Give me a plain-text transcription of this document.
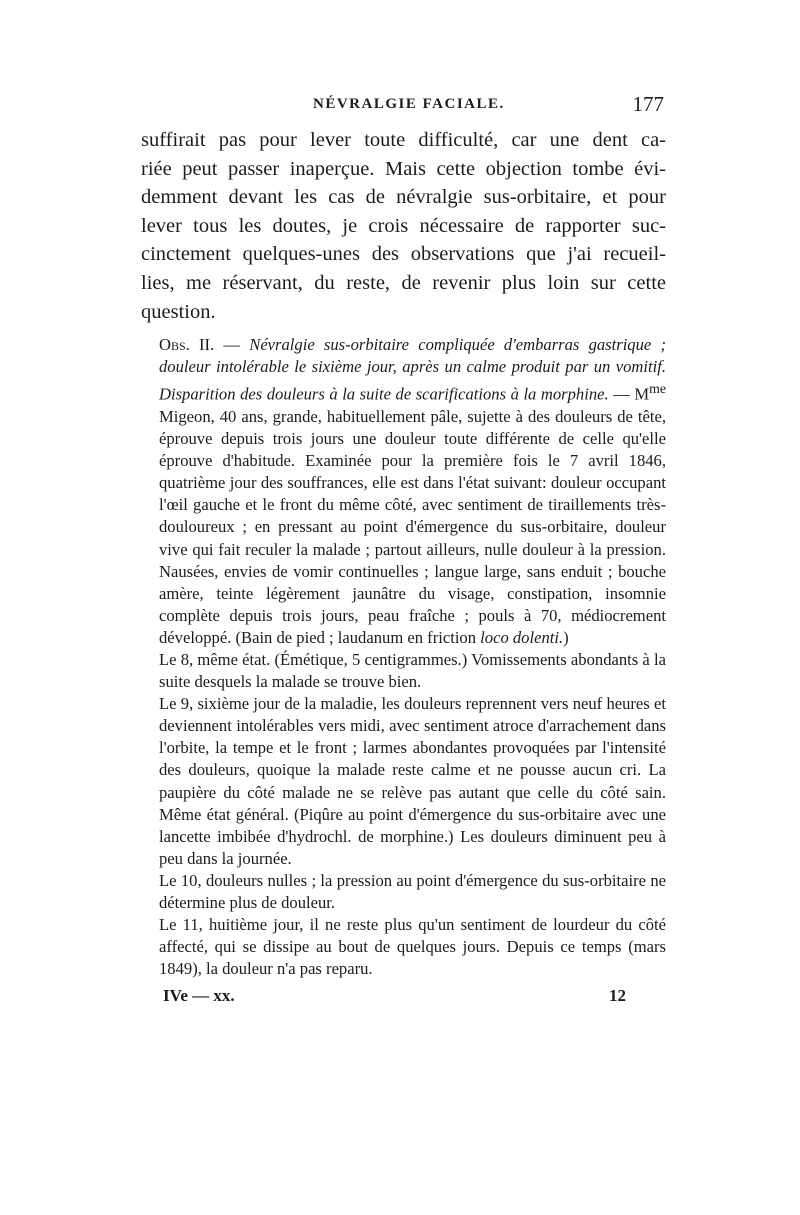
NÉVRALGIE FACIALE.	177

suffirait pas pour lever toute difficulté, car une dent ca-
riée peut passer inaperçue. Mais cette objection tombe évi-
demment devant les cas de névralgie sus-orbitaire, et pour
lever tous les doutes, je crois nécessaire de rapporter suc-
cinctement quelques-unes des observations que j'ai recueil-
lies, me réservant, du reste, de revenir plus loin sur cette
question.

Obs. II. — Névralgie sus-orbitaire compliquée d'embarras gastrique ; douleur intolérable le sixième jour, après un calme produit par un vomitif. Disparition des douleurs à la suite de scarifications à la morphine. — $M^{me}$ Migeon, 40 ans, grande, habituellement pâle, sujette à des douleurs de tête, éprouve depuis trois jours une douleur toute différente de celle qu'elle éprouve d'habitude. Examinée pour la première fois le 7 avril 1846, quatrième jour des souffrances, elle est dans l'état suivant: douleur occupant l'œil gauche et le front du même côté, avec sentiment de tiraillements très-douloureux ; en pressant au point d'émergence du sus-orbitaire, douleur vive qui fait reculer la malade ; partout ailleurs, nulle douleur à la pression. Nausées, envies de vomir continuelles ; langue large, sans enduit ; bouche amère, teinte légèrement jaunâtre du visage, constipation, insomnie complète depuis trois jours, peau fraîche ; pouls à 70, médiocrement développé. (Bain de pied ; laudanum en friction loco dolenti.)

Le 8, même état. (Émétique, 5 centigrammes.) Vomissements abondants à la suite desquels la malade se trouve bien.

Le 9, sixième jour de la maladie, les douleurs reprennent vers neuf heures et deviennent intolérables vers midi, avec sentiment atroce d'arrachement dans l'orbite, la tempe et le front ; larmes abondantes provoquées par l'intensité des douleurs, quoique la malade reste calme et ne pousse aucun cri. La paupière du côté malade ne se relève pas autant que celle du côté sain. Même état général. (Piqûre au point d'émergence du sus-orbitaire avec une lancette imbibée d'hydrochl. de morphine.) Les douleurs diminuent peu à peu dans la journée.

Le 10, douleurs nulles ; la pression au point d'émergence du sus-orbitaire ne détermine plus de douleur.

Le 11, huitième jour, il ne reste plus qu'un sentiment de lourdeur du côté affecté, qui se dissipe au bout de quelques jours. Depuis ce temps (mars 1849), la douleur n'a pas reparu.

IVe — xx.	12
